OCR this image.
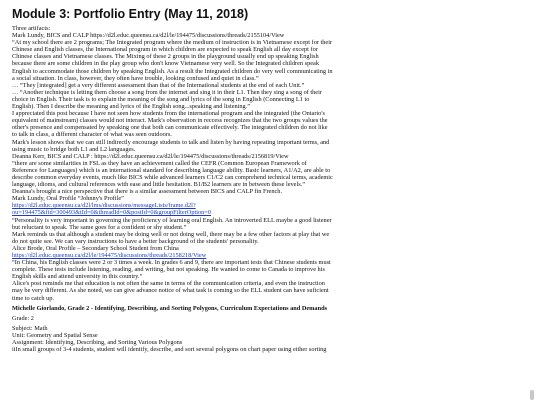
Module 3: Portfolio Entry (May 11, 2018)

Three artifacts:

Mark Lundy, BICS and CALP https://d2l.educ.queensu.ca/d2l/le/194475/discussions/threads/2155104/View

“At my school there are 2 programs; The Integrated program where the medium of instruction is in Vietnamese except for their

Chinese and English classes, the International program in which children are expected to speak English all day except for

Chinese classes and Vietnamese classes. The Mixing of these 2 groups in the playground usually end up speaking English

because there are some children in the play group who don't know Vietnamese very well. So the Integrated children speak

English to accommodate those children by speaking English. As a result the Integrated children do very well communicating in

a social situation. In class, however, they often have trouble, looking confused and quiet in class.”

… “They [integrated] get a very different assessment than that of the International students at the end of each Unit.”

… “Another technique is letting them choose a song from the internet and sing it in their L1. Then they sing a song of their

choice in English. Their task is to explain the meaning of the song and lyrics of the song in English (Connecting L1 to

English). Then I describe the meaning and lyrics of the English song...speaking and listening.”

I appreciated this post because I have not seen how students from the international program and the integrated (the Ontario's

equivalent of mainstream) classes would not interact. Mark's observation in reccess recognizes that the two groups values the

other's presence and compensated by speaking one that both can communicate effectively. The integrated children do not like

to talk in class, a different character of what was seen outdoors.

Mark's lesson shows that we can still indirectly encourage students to talk and listen by having repeating important terms, and

using music to bridge both L1 and L2 languages.

Deanna Kerr, BICS and CALP : https://d2l.educ.queensu.ca/d2l/le/194475/discussions/threads/2156819/View

“there are some similarities in FSL as they have an achievement called the CEFR (Common European Framework of

Reference for Languages) which is an international standard for describing language ability. Basic learners, A1/A2, are able to

describe common everyday events, much like BICS while advanced learners C1/C2 can comprehend technical terms, academic

language, idioms, and cultural references with ease and little hesitation. B1/B2 learners are in between these levels.”

Deanna's brought a nice perspective that there is a similar assessment between BICS and CALP fin French.

Mark Lundy, Oral Profile “Johnny's Profile”

https://d2l.educ.queensu.ca/d2l/lms/discussions/messageLists/frame.d2l?

ou=194475&fid=300493&tId=0&threadId=0&postId=0&groupFilterOption=0

“Personality is very important in governing the proficiency of learning oral English. An introverted ELL maybe a good listener

but reluctant to speak. The same goes for a confident or shy student.”

Mark reminds us that although a student may be doing well or not doing well, there may be a few other factors at play that we

do not quite see. We can vary instructions to have a better background of the students' personality.

Alice Brode, Oral Profile – Secondary School Student from China

https://d2l.educ.queensu.ca/d2l/le/194475/discussions/threads/2158218/View

“In China, his English classes were 2 or 3 times a week. In grades 6 and 9, there are important tests that Chinese students must

complete. These tests include listening, reading, and writing, but not speaking. He wanted to come to Canada to improve his

English skills and attend university in this country.”

Alice's post reminds me that education is not often the same in terms of the communication criteria, and even the instruction

may be very different. As she noted, we can give advance notice of what task is coming so the ELL student can have suficient

time to catch up.

Michelle Giorlando, Grade 2 - Identifying, Describing, and Sorting Polygons, Curriculum Expectations and Demands

Grade: 2

Subject: Math

Unit: Geometry and Spatial Sense

Assignment: Identifying, Describing, and Sorting Various Polygons

iiIn small groups of 3-4 students, student will identify, describe, and sort several polygons on chart paper using either sorting
